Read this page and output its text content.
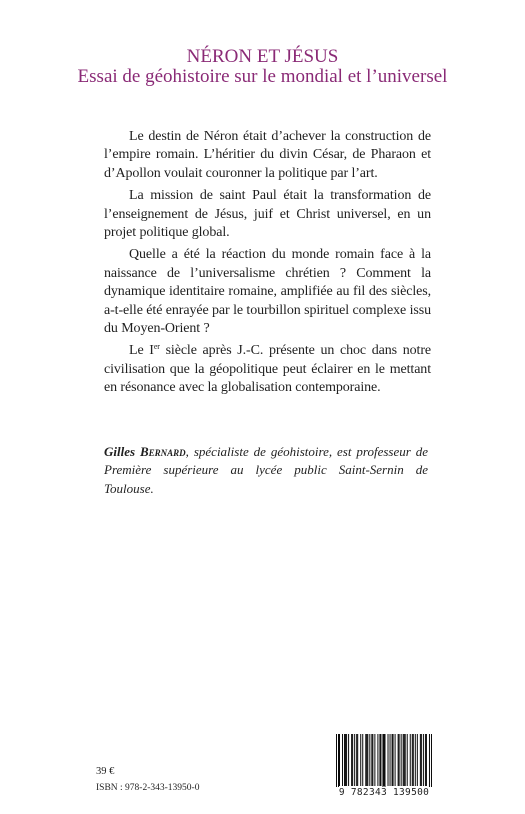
NÉRON ET JÉSUS
Essai de géohistoire sur le mondial et l’universel

Le destin de Néron était d’achever la construction de l’empire romain. L’héritier du divin César, de Pharaon et d’Apollon voulait couronner la politique par l’art.

La mission de saint Paul était la transformation de l’enseignement de Jésus, juif et Christ universel, en un projet politique global.

Quelle a été la réaction du monde romain face à la naissance de l’universalisme chrétien ? Comment la dynamique identitaire romaine, amplifiée au fil des siècles, a-t-elle été enrayée par le tourbillon spirituel complexe issu du Moyen-Orient ?

Le Ier siècle après J.-C. présente un choc dans notre civilisation que la géopolitique peut éclairer en le mettant en résonance avec la globalisation contemporaine.

Gilles Bernard, spécialiste de géohistoire, est professeur de Première supérieure au lycée public Saint-Sernin de Toulouse.
39 €
ISBN : 978-2-343-13950-0	9 782343 139500
